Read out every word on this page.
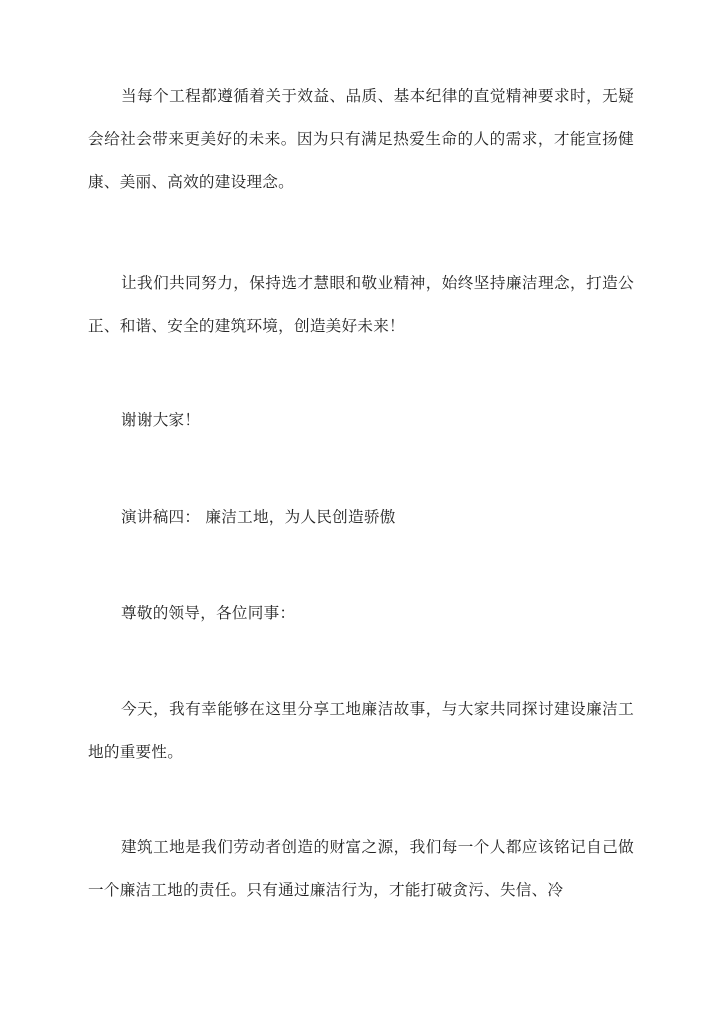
当每个工程都遵循着关于效益、品质、基本纪律的直觉精神要求时，无疑会给社会带来更美好的未来。因为只有满足热爱生命的人的需求，才能宣扬健康、美丽、高效的建设理念。

让我们共同努力，保持选才慧眼和敬业精神，始终坚持廉洁理念，打造公正、和谐、安全的建筑环境，创造美好未来！

谢谢大家！

演讲稿四： 廉洁工地，为人民创造骄傲

尊敬的领导，各位同事：

今天，我有幸能够在这里分享工地廉洁故事，与大家共同探讨建设廉洁工地的重要性。

建筑工地是我们劳动者创造的财富之源，我们每一个人都应该铭记自己做一个廉洁工地的责任。只有通过廉洁行为，才能打破贪污、失信、冷
